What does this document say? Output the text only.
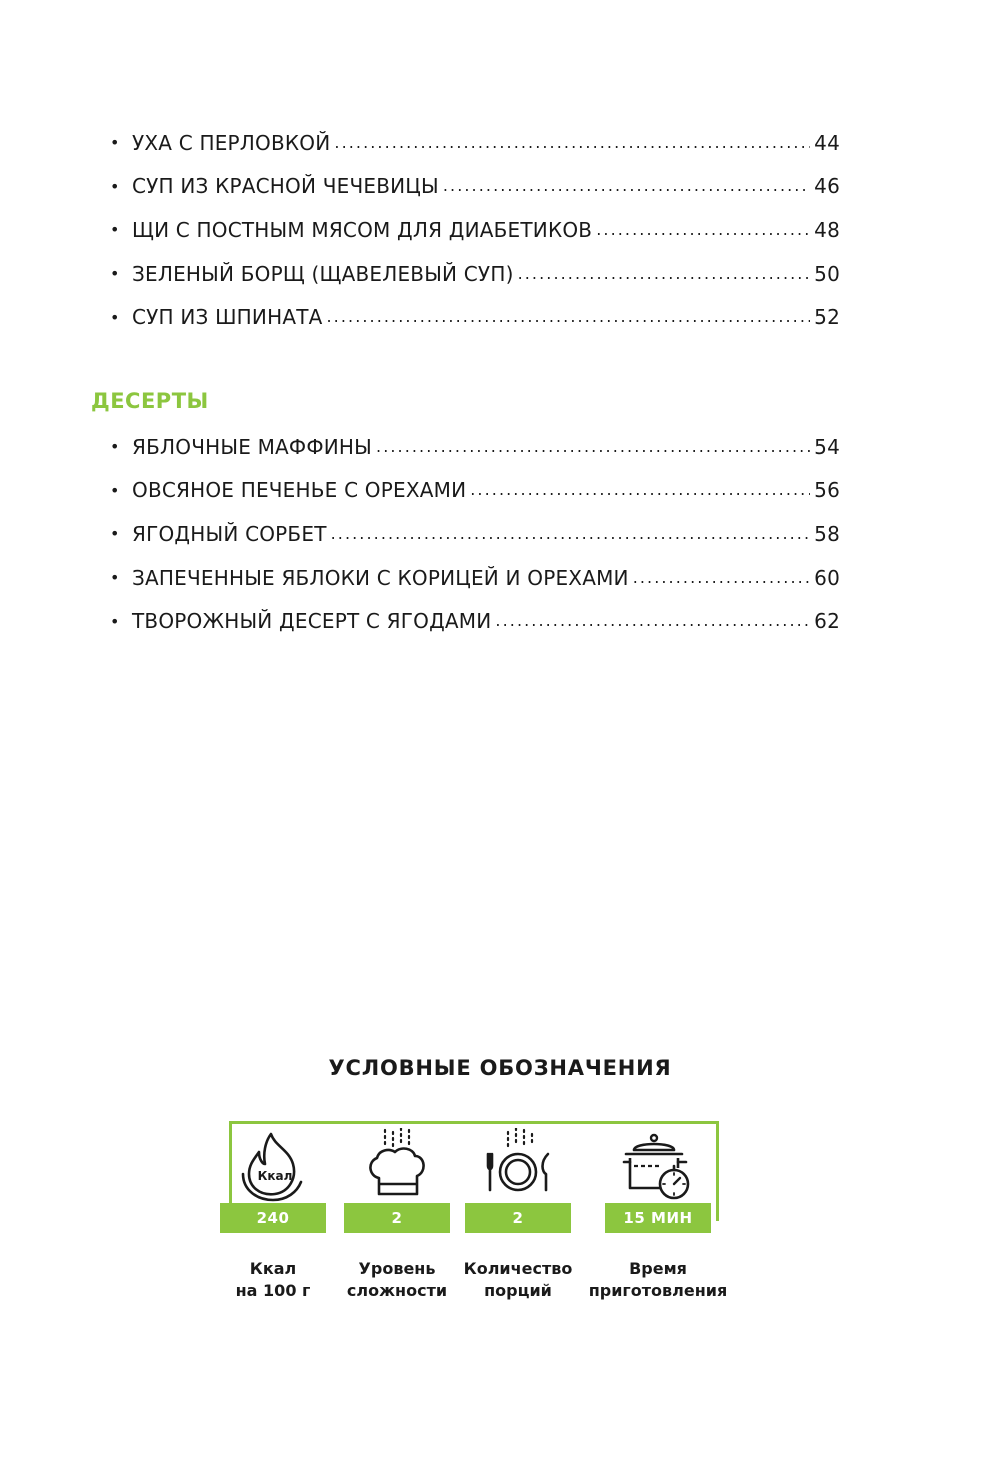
• УХА С ПЕРЛОВКОЙ . . .	44
• СУП ИЗ КРАСНОЙ ЧЕЧЕВИЦЫ . . .	46
• ЩИ С ПОСТНЫМ МЯСОМ ДЛЯ ДИАБЕТИКОВ . . .	48
• ЗЕЛЕНЫЙ БОРЩ (ЩАВЕЛЕВЫЙ СУП) . . .	50
• СУП ИЗ ШПИНАТА . . .	52
ДЕСЕРТЫ
• ЯБЛОЧНЫЕ МАФФИНЫ . . .	54
• ОВСЯНОЕ ПЕЧЕНЬЕ С ОРЕХАМИ . . .	56
• ЯГОДНЫЙ СОРБЕТ . . .	58
• ЗАПЕЧЕННЫЕ ЯБЛОКИ С КОРИЦЕЙ И ОРЕХАМИ . . .	60
• ТВОРОЖНЫЙ ДЕСЕРТ С ЯГОДАМИ . . .	62
УСЛОВНЫЕ ОБОЗНАЧЕНИЯ
Ккал
240
Ккал
на 100 г
2
Уровень
сложности
2
Количество
порций
15 МИН
Время
приготовления
